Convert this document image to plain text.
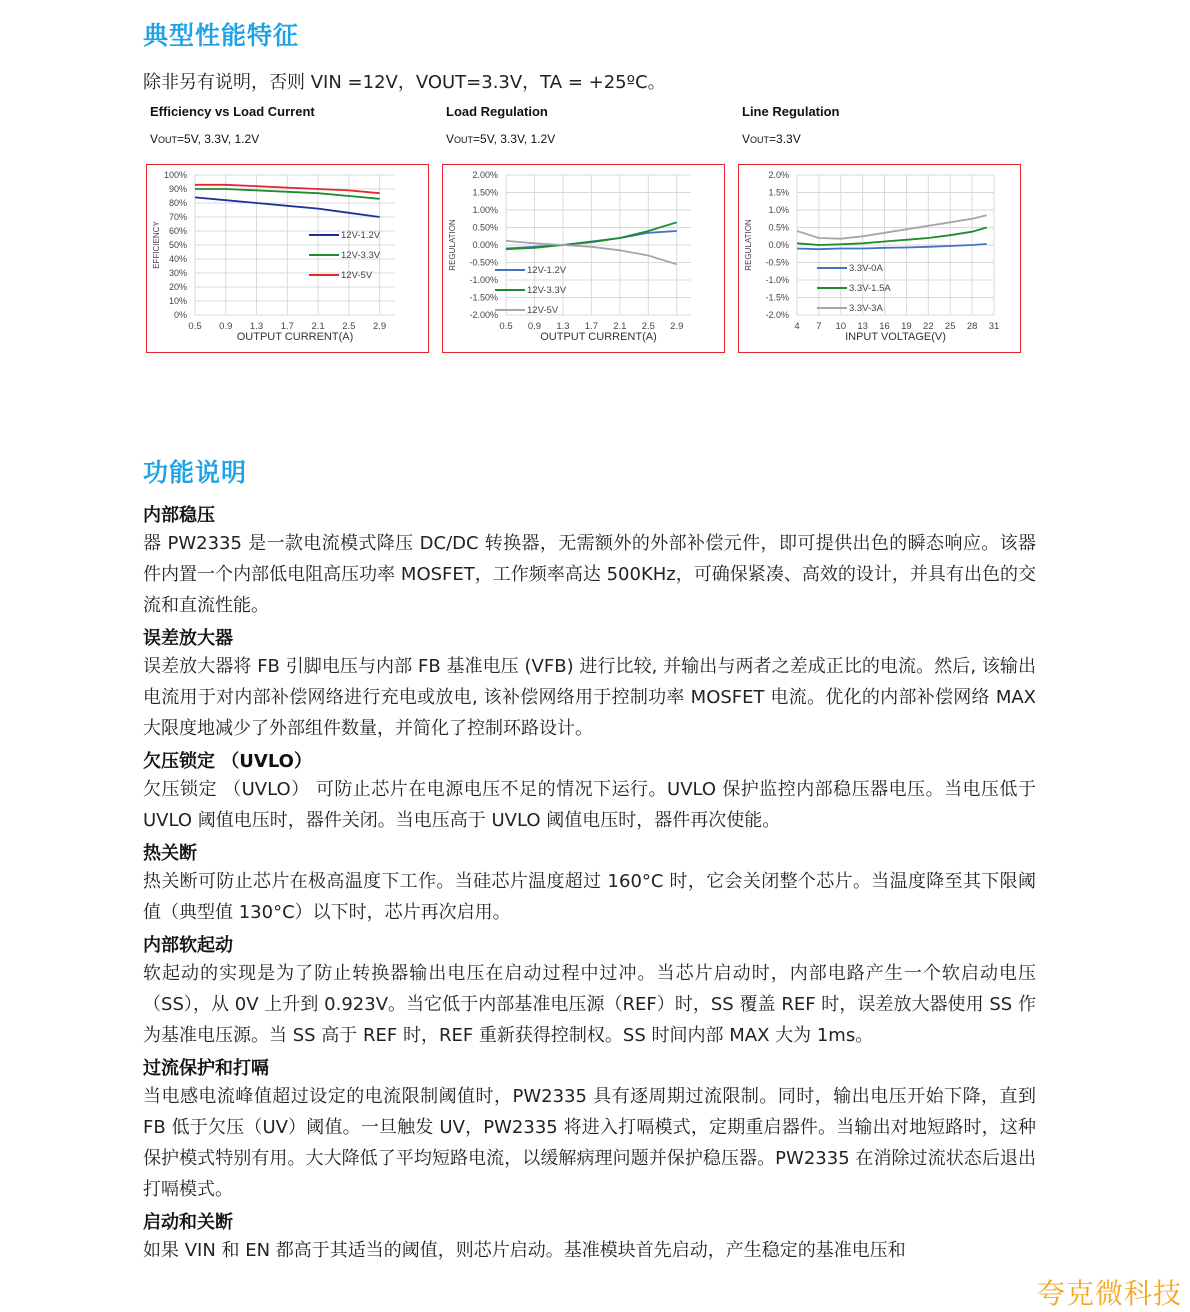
典型性能特征
除非另有说明，否则 VIN =12V，VOUT=3.3V，TA = +25ºC。
Efficiency vs Load Current
VOUT=5V, 3.3V, 1.2V
0%
10%
20%
30%
40%
50%
60%
70%
80%
90%
100%
0.5 0.9 1.3 1.7 2.1 2.5 2.9
OUTPUT CURRENT(A)
EFFICIENCY	12V-1.2V
12V-3.3V
12V-5V
Load Regulation
VOUT=5V, 3.3V, 1.2V
-2.00%
-1.50%
-1.00%
-0.50%
0.00%
0.50%
1.00%
1.50%
2.00%
0.5 0.9 1.3 1.7 2.1 2.5 2.9
OUTPUT CURRENT(A)
REGULATION	12V-1.2V
12V-3.3V
12V-5V
Line Regulation
VOUT=3.3V
-2.0%
-1.5%
-1.0%
-0.5%
0.0%
0.5%
1.0%
1.5%
2.0%
4 7 10 13 16 19 22 25 28 31
INPUT VOLTAGE(V)
REGULATION	3.3V-0A
3.3V-1.5A
3.3V-3A
功能说明
内部稳压
器 PW2335 是一款电流模式降压 DC/DC 转换器，无需额外的外部补偿元件，即可提供出色的瞬态响应。该器件内置一个内部低电阻高压功率 MOSFET，工作频率高达 500KHz，可确保紧凑、高效的设计，并具有出色的交流和直流性能。
误差放大器
误差放大器将 FB 引脚电压与内部 FB 基准电压 (VFB) 进行比较, 并输出与两者之差成正比的电流。然后, 该输出电流用于对内部补偿网络进行充电或放电, 该补偿网络用于控制功率 MOSFET 电流。优化的内部补偿网络 MAX 大限度地减少了外部组件数量，并简化了控制环路设计。
欠压锁定 （UVLO）
欠压锁定 （UVLO） 可防止芯片在电源电压不足的情况下运行。UVLO 保护监控内部稳压器电压。当电压低于 UVLO 阈值电压时，器件关闭。当电压高于 UVLO 阈值电压时，器件再次使能。
热关断
热关断可防止芯片在极高温度下工作。当硅芯片温度超过 160°C 时，它会关闭整个芯片。当温度降至其下限阈值（典型值 130°C）以下时，芯片再次启用。
内部软起动
软起动的实现是为了防止转换器输出电压在启动过程中过冲。当芯片启动时，内部电路产生一个软启动电压（SS），从 0V 上升到 0.923V。当它低于内部基准电压源（REF）时，SS 覆盖 REF 时，误差放大器使用 SS 作为基准电压源。当 SS 高于 REF 时，REF 重新获得控制权。SS 时间内部 MAX 大为 1ms。
过流保护和打嗝
当电感电流峰值超过设定的电流限制阈值时，PW2335 具有逐周期过流限制。同时，输出电压开始下降，直到 FB 低于欠压（UV）阈值。一旦触发 UV，PW2335 将进入打嗝模式，定期重启器件。当输出对地短路时，这种保护模式特别有用。大大降低了平均短路电流，以缓解病理问题并保护稳压器。PW2335 在消除过流状态后退出打嗝模式。
启动和关断
如果 VIN 和 EN 都高于其适当的阈值，则芯片启动。基准模块首先启动，产生稳定的基准电压和
夸克微科技
